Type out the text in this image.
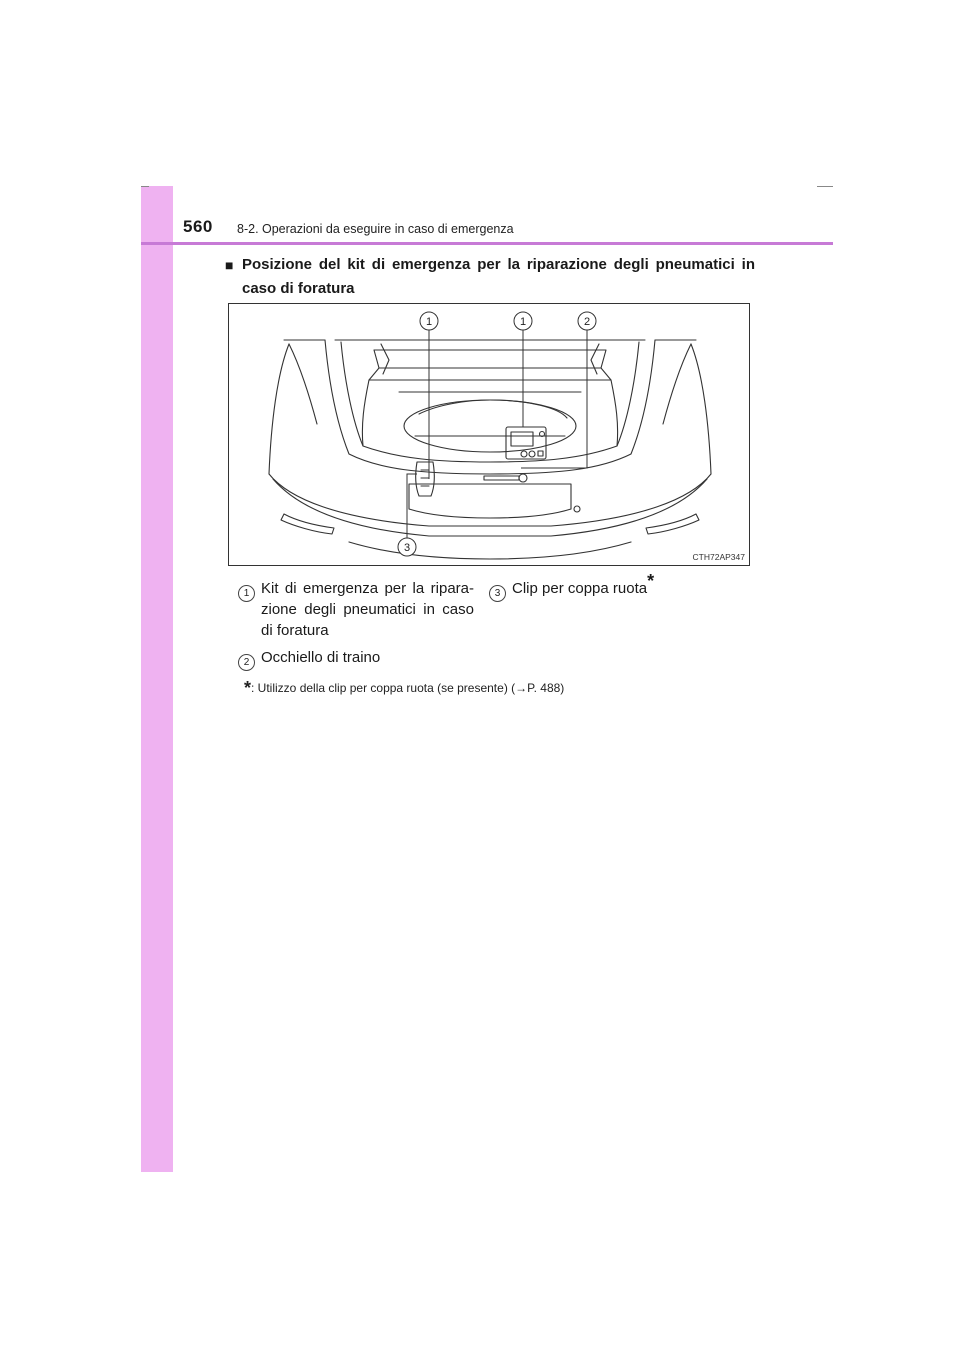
560 8-2. Operazioni da eseguire in caso di emergenza
■ Posizione del kit di emergenza per la riparazione degli pneumatici in caso di foratura
1	1	2
3
CTH72AP347
1 Kit di emergenza per la ripara-zione degli pneumatici in caso di foratura
3 Clip per coppa ruota*
2 Occhiello di traino
*: Utilizzo della clip per coppa ruota (se presente) (→P. 488)
